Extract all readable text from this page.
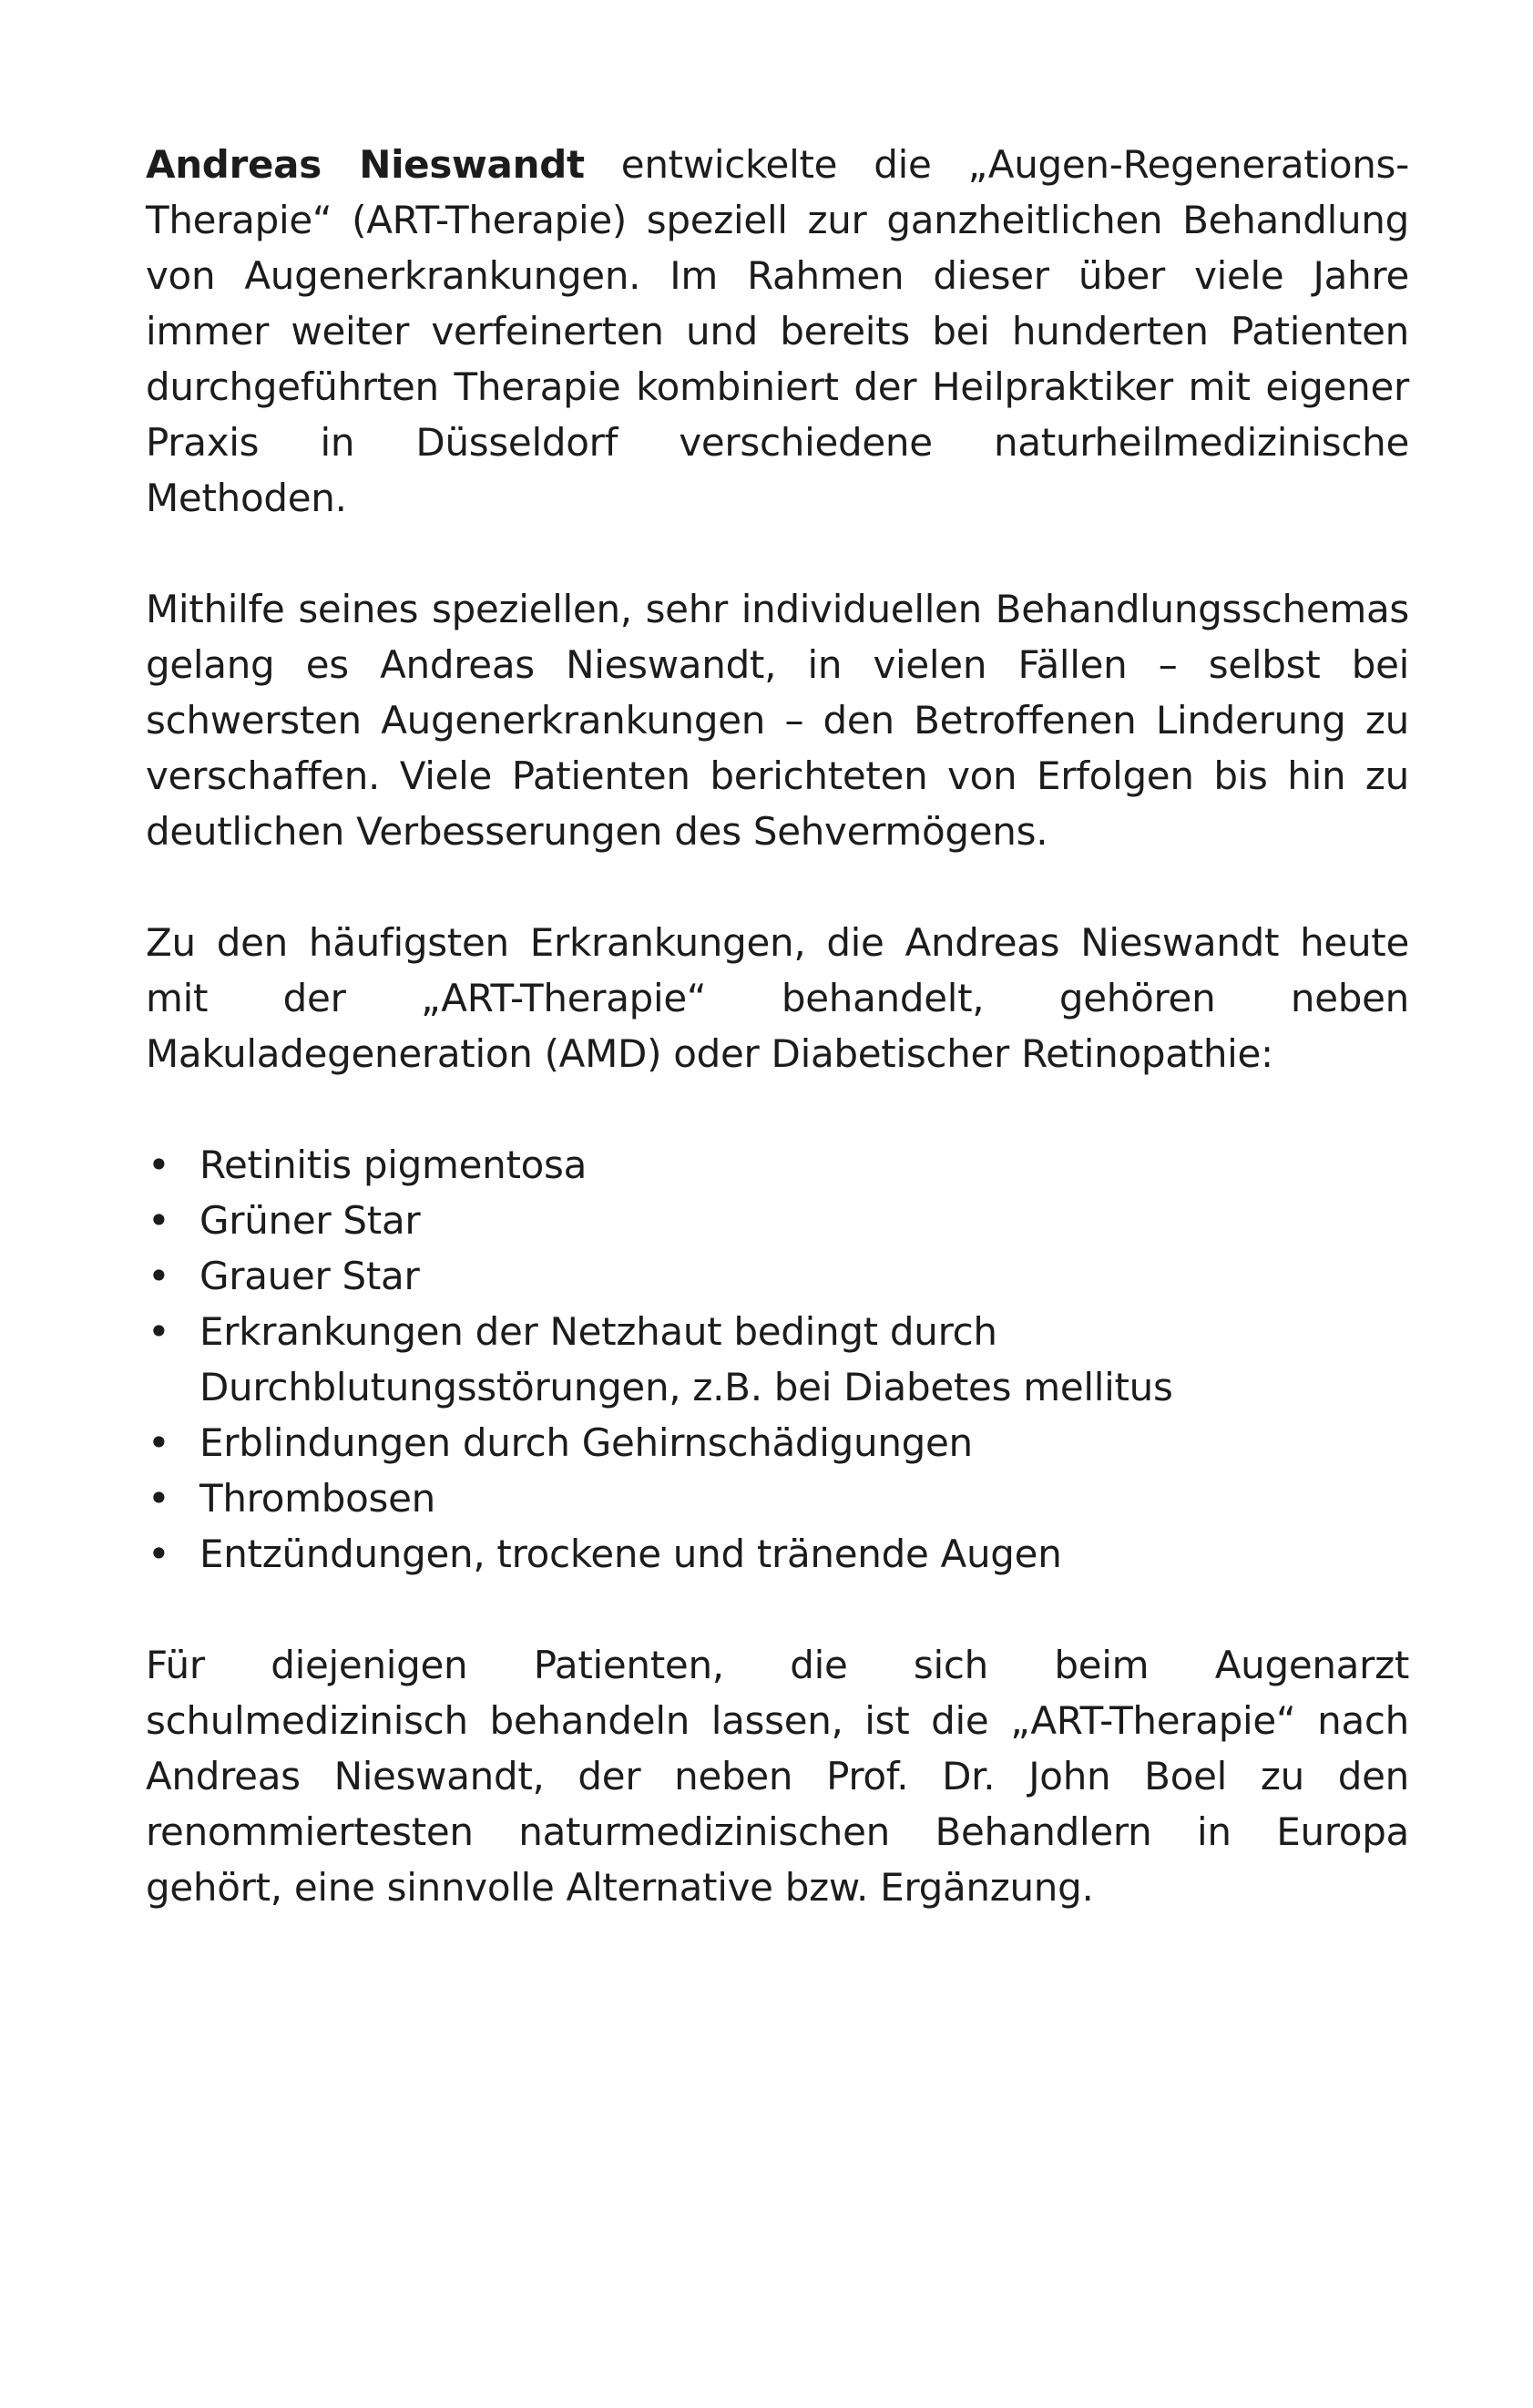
Andreas Nieswandt entwickelte die „Augen-Regenerations-Therapie“ (ART-Therapie) speziell zur ganzheitlichen Behandlung von Augenerkrankungen. Im Rahmen dieser über viele Jahre immer weiter verfeinerten und bereits bei hunderten Patienten durchgeführten Therapie kombiniert der Heilpraktiker mit eigener Praxis in Düsseldorf verschiedene naturheilmedizinische Methoden.

Mithilfe seines speziellen, sehr individuellen Behandlungsschemas gelang es Andreas Nieswandt, in vielen Fällen – selbst bei schwersten Augenerkrankungen – den Betroffenen Linderung zu verschaffen. Viele Patienten berichteten von Erfolgen bis hin zu deutlichen Verbesserungen des Sehvermögens.

Zu den häufigsten Erkrankungen, die Andreas Nieswandt heute mit der „ART-Therapie“ behandelt, gehören neben Makuladegeneration (AMD) oder Diabetischer Retinopathie:

• Retinitis pigmentosa
• Grüner Star
• Grauer Star
• Erkrankungen der Netzhaut bedingt durch Durchblutungsstörungen, z.B. bei Diabetes mellitus
• Erblindungen durch Gehirnschädigungen
• Thrombosen
• Entzündungen, trockene und tränende Augen

Für diejenigen Patienten, die sich beim Augenarzt schulmedizinisch behandeln lassen, ist die „ART-Therapie“ nach Andreas Nieswandt, der neben Prof. Dr. John Boel zu den renommiertesten naturmedizinischen Behandlern in Europa gehört, eine sinnvolle Alternative bzw. Ergänzung.
